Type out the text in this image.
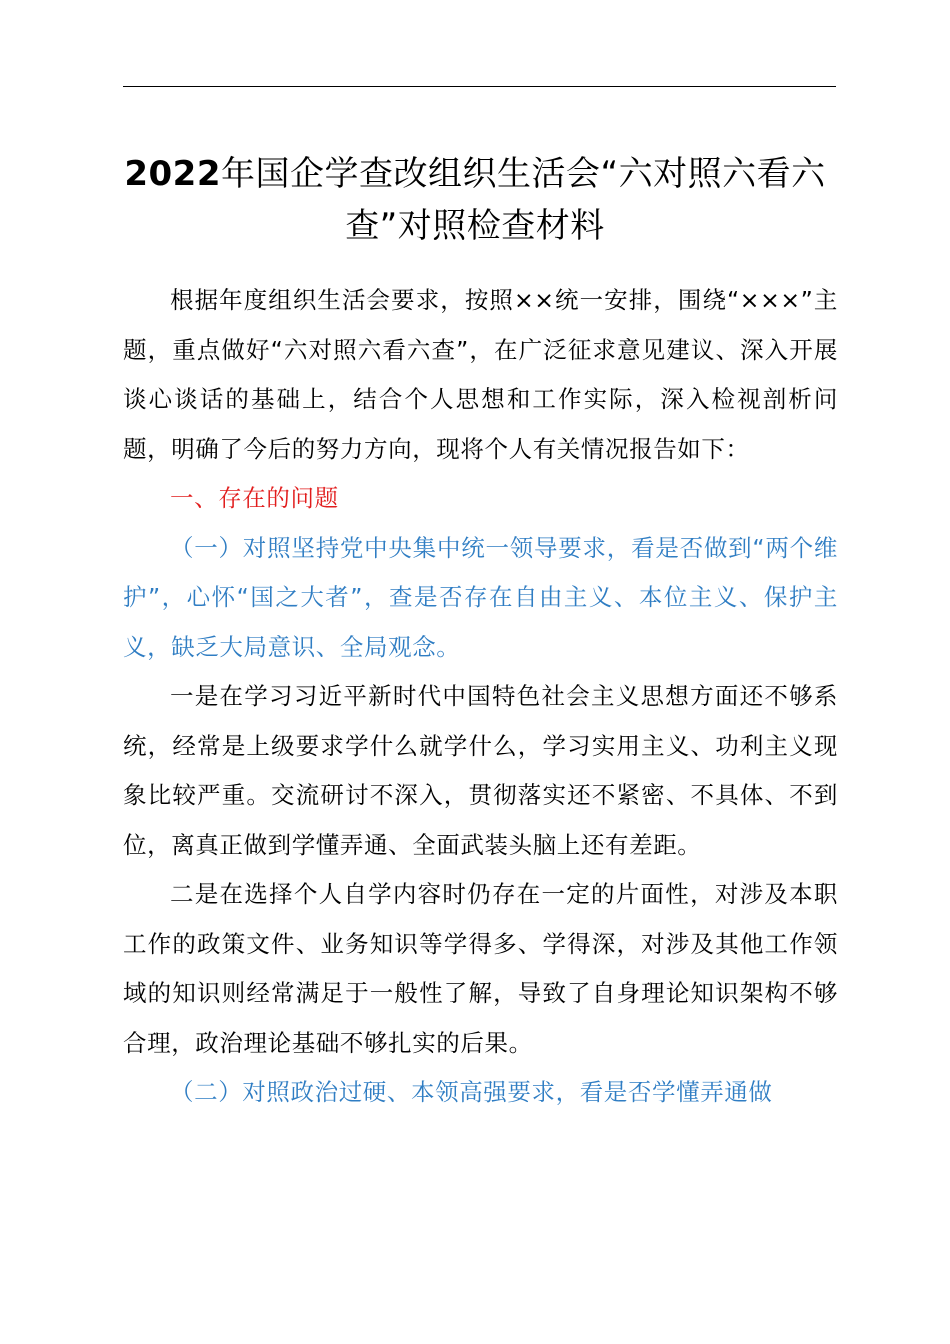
2022年国企学查改组织生活会“六对照六看六查”对照检查材料

根据年度组织生活会要求，按照××统一安排，围绕“×××”主题，重点做好“六对照六看六查”，在广泛征求意见建议、深入开展谈心谈话的基础上，结合个人思想和工作实际，深入检视剖析问题，明确了今后的努力方向，现将个人有关情况报告如下：

一、存在的问题

（一）对照坚持党中央集中统一领导要求，看是否做到“两个维护”，心怀“国之大者”，查是否存在自由主义、本位主义、保护主义，缺乏大局意识、全局观念。

一是在学习习近平新时代中国特色社会主义思想方面还不够系统，经常是上级要求学什么就学什么，学习实用主义、功利主义现象比较严重。交流研讨不深入，贯彻落实还不紧密、不具体、不到位，离真正做到学懂弄通、全面武装头脑上还有差距。

二是在选择个人自学内容时仍存在一定的片面性，对涉及本职工作的政策文件、业务知识等学得多、学得深，对涉及其他工作领域的知识则经常满足于一般性了解，导致了自身理论知识架构不够合理，政治理论基础不够扎实的后果。

（二）对照政治过硬、本领高强要求，看是否学懂弄通做
